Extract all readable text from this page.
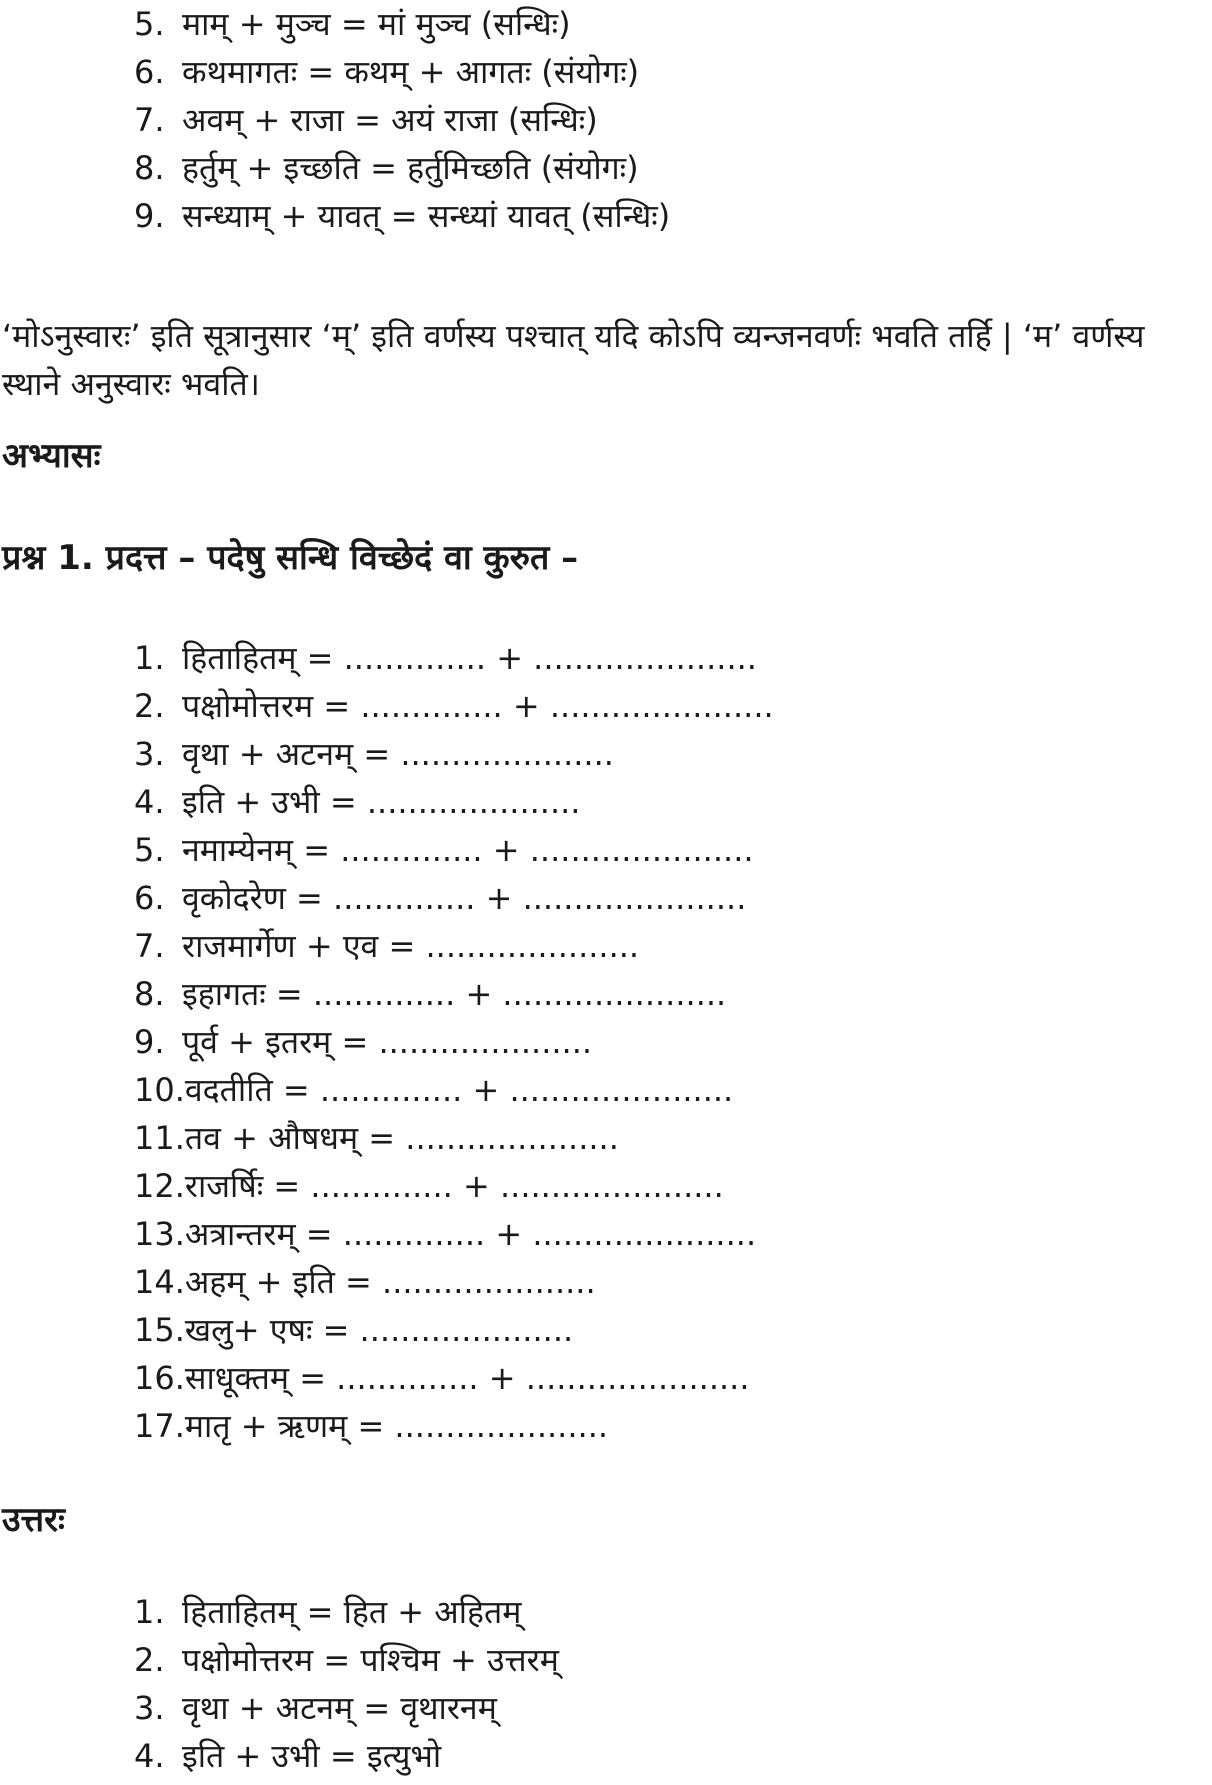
5. माम् + मुञ्च = मां मुञ्च (सन्धिः)
6. कथमागतः = कथम् + आगतः (संयोगः)
7. अवम् + राजा = अयं राजा (सन्धिः)
8. हर्तुम् + इच्छति = हर्तुमिच्छति (संयोगः)
9. सन्ध्याम् + यावत् = सन्ध्यां यावत् (सन्धिः)

‘मोऽनुस्वारः’ इति सूत्रानुसार ‘म्’ इति वर्णस्य पश्चात् यदि कोऽपि व्यन्जनवर्णः भवति तर्हि | ‘म’ वर्णस्य स्थाने अनुस्वारः भवति।

अभ्यासः
प्रश्न 1. प्रदत्त – पदेषु सन्धि विच्छेदं वा कुरुत –
1. हिताहितम् = .............. + ......................
2. पक्षोमोत्तरम = .............. + ......................
3. वृथा + अटनम् = .....................
4. इति + उभी = .....................
5. नमाम्येनम् = .............. + ......................
6. वृकोदरेण = .............. + ......................
7. राजमार्गेण + एव = .....................
8. इहागतः = .............. + ......................
9. पूर्व + इतरम् = .....................
10.वदतीति = .............. + ......................
11.तव + औषधम् = .....................
12.राजर्षिः = .............. + ......................
13.अत्रान्तरम् = .............. + ......................
14.अहम् + इति = .....................
15.खलु+ एषः = .....................
16.साधूक्तम् = .............. + ......................
17.मातृ + ऋणम् = .....................
उत्तरः
1. हिताहितम् = हित + अहितम्
2. पक्षोमोत्तरम = पश्चिम + उत्तरम्
3. वृथा + अटनम् = वृथारनम्
4. इति + उभी = इत्युभो
